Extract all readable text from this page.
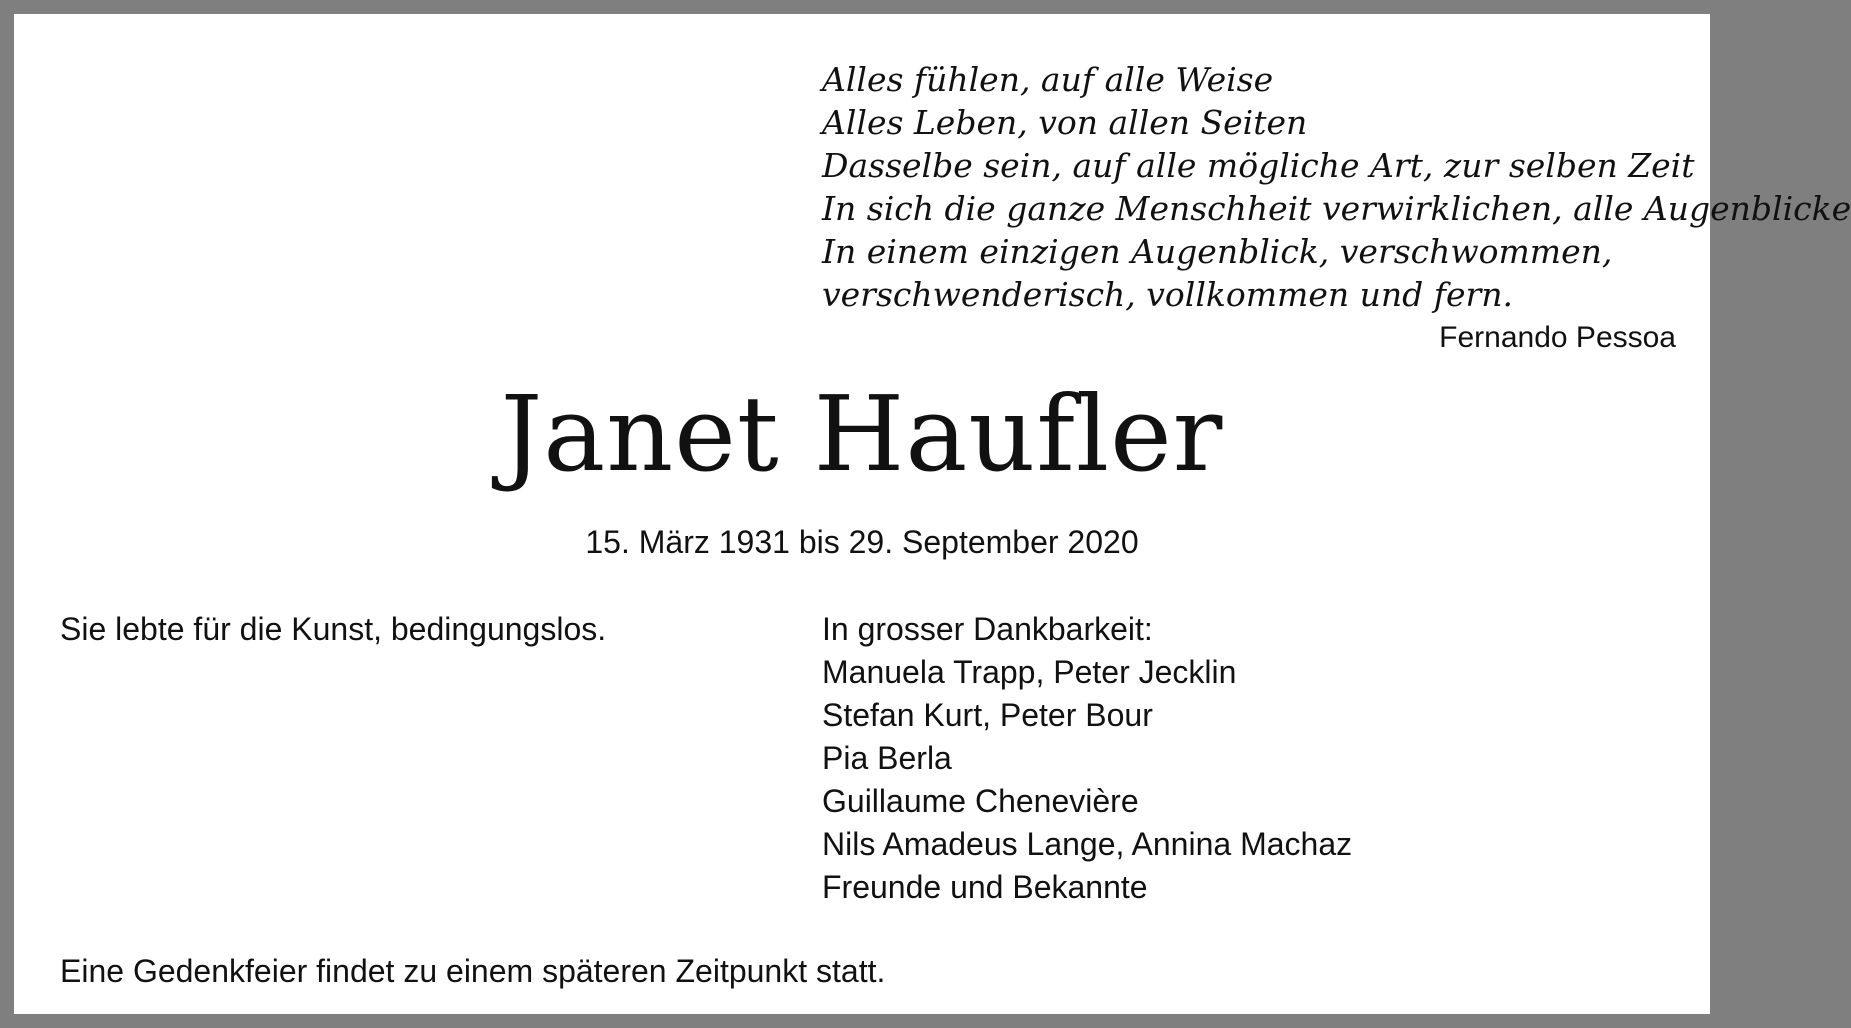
Alles fühlen, auf alle Weise
Alles Leben, von allen Seiten
Dasselbe sein, auf alle mögliche Art, zur selben Zeit
In sich die ganze Menschheit verwirklichen, alle Augenblicke
In einem einzigen Augenblick, verschwommen,
verschwenderisch, vollkommen und fern.
Fernando Pessoa
Janet Haufler
15. März 1931 bis 29. September 2020
Sie lebte für die Kunst, bedingungslos.	In grosser Dankbarkeit:
Manuela Trapp, Peter Jecklin
Stefan Kurt, Peter Bour
Pia Berla
Guillaume Chenevière
Nils Amadeus Lange, Annina Machaz
Freunde und Bekannte
Eine Gedenkfeier findet zu einem späteren Zeitpunkt statt.
